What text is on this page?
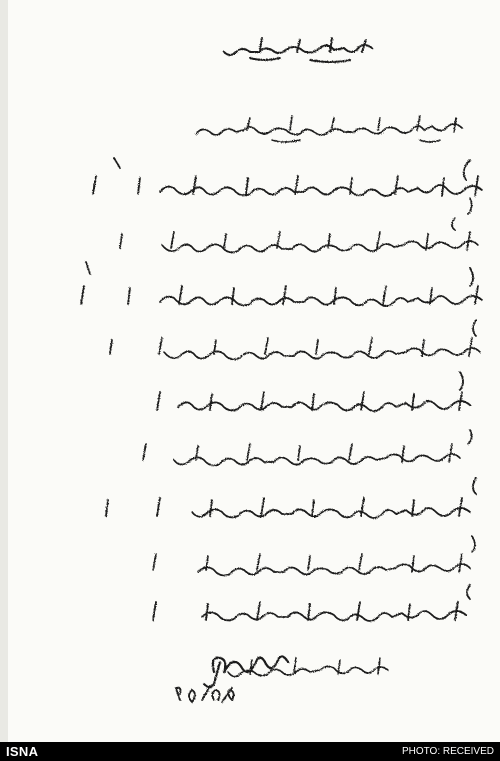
ISNA	PHOTO: RECEIVED
